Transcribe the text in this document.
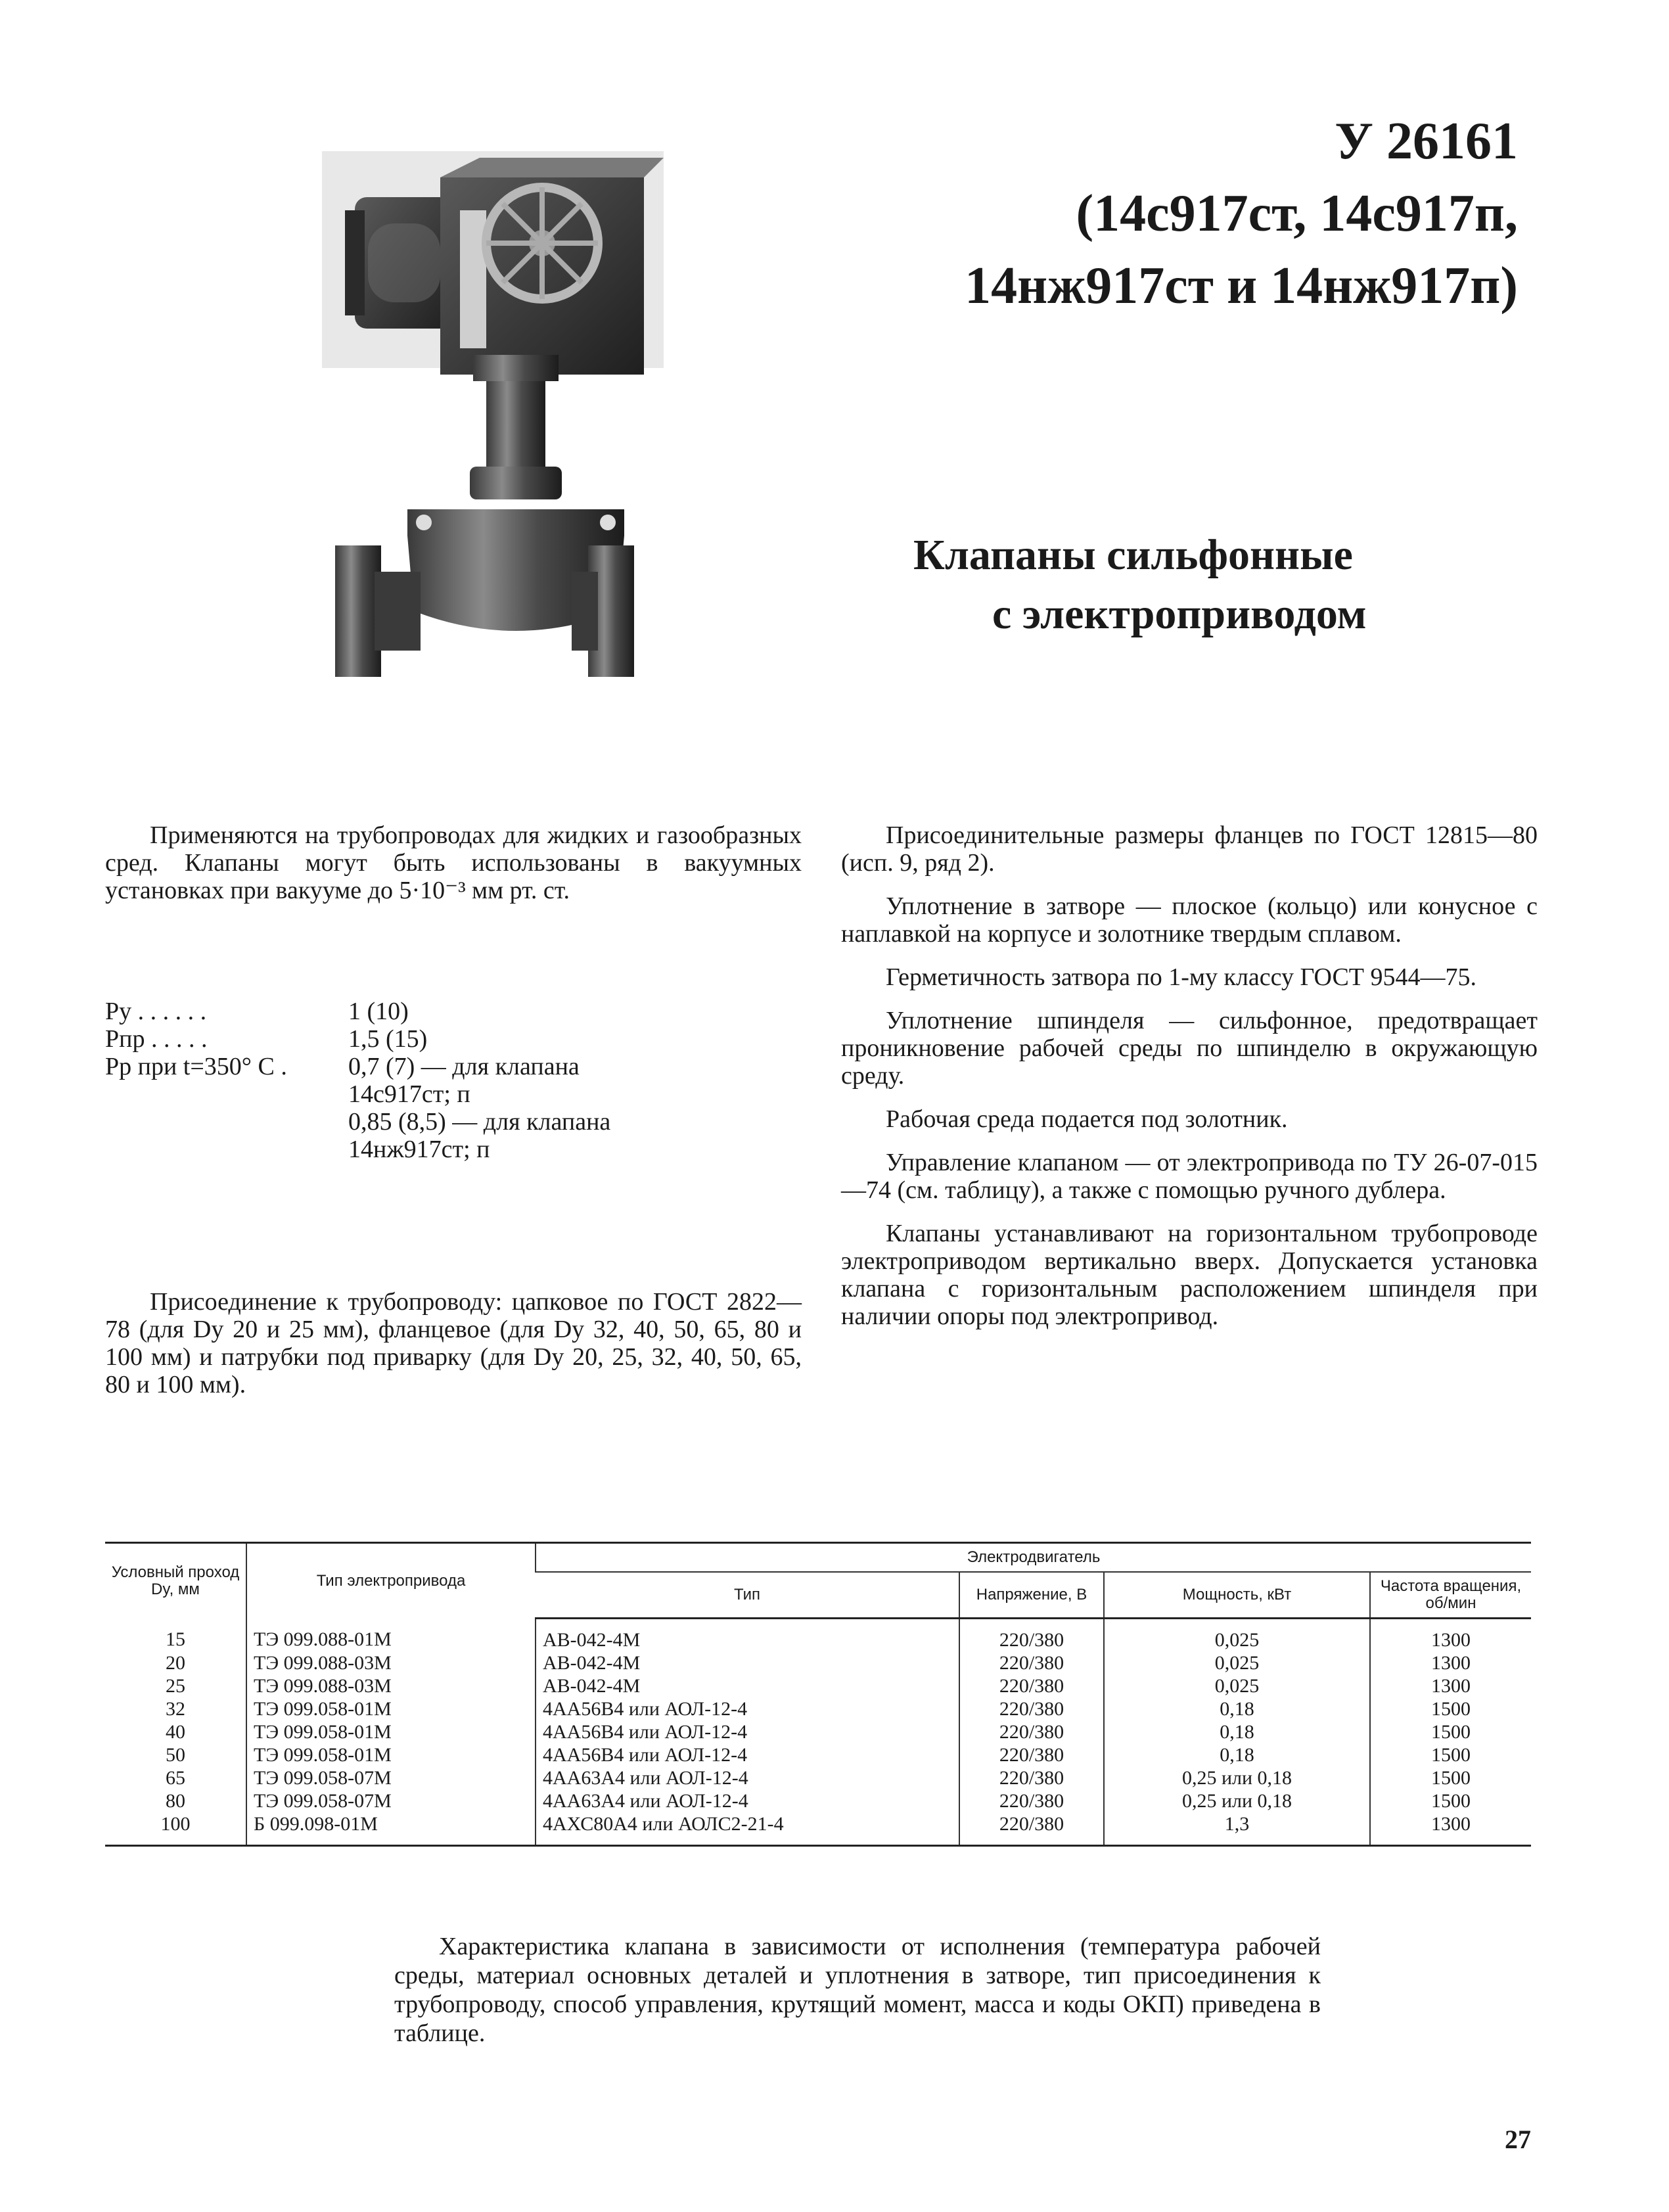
У 26161
(14с917ст, 14с917п,
14нж917ст и 14нж917п)
Клапаны сильфонные
с электроприводом

Применяются на трубопроводах для жидких и газообразных сред. Клапаны могут быть использованы в вакуумных установках при вакууме до 5·10⁻³ мм рт. ст.

Py . . . . . .	1 (10)
Pпр . . . . .	1,5 (15)
Pр при t=350° С .	0,7 (7) — для клапана
14с917ст; п
0,85 (8,5) — для клапана
14нж917ст; п

Присоединение к трубопроводу: цапковое по ГОСТ 2822—78 (для Dy 20 и 25 мм), фланцевое (для Dy 32, 40, 50, 65, 80 и 100 мм) и патрубки под приварку (для Dy 20, 25, 32, 40, 50, 65, 80 и 100 мм).

Присоединительные размеры фланцев по ГОСТ 12815—80 (исп. 9, ряд 2).

Уплотнение в затворе — плоское (кольцо) или конусное с наплавкой на корпусе и золотнике твердым сплавом.

Герметичность затвора по 1-му классу ГОСТ 9544—75.

Уплотнение шпинделя — сильфонное, предотвращает проникновение рабочей среды по шпинделю в окружающую среду.

Рабочая среда подается под золотник.

Управление клапаном — от электропривода по ТУ 26-07-015—74 (см. таблицу), а также с помощью ручного дублера.

Клапаны устанавливают на горизонтальном трубопроводе электроприводом вертикально вверх. Допускается установка клапана с горизонтальным расположением шпинделя при наличии опоры под электропривод.

Условный проход Dy, мм	Тип электропривода	Электродвигатель			
		Тип	Напряжение, В	Мощность, кВт	Частота вращения, об/мин
15	ТЭ 099.088-01М	АВ-042-4М	220/380	0,025	1300
20	ТЭ 099.088-03М	АВ-042-4М	220/380	0,025	1300
25	ТЭ 099.088-03М	АВ-042-4М	220/380	0,025	1300
32	ТЭ 099.058-01М	4АА56В4 или АОЛ-12-4	220/380	0,18	1500
40	ТЭ 099.058-01М	4АА56В4 или АОЛ-12-4	220/380	0,18	1500
50	ТЭ 099.058-01М	4АА56В4 или АОЛ-12-4	220/380	0,18	1500
65	ТЭ 099.058-07М	4АА63А4 или АОЛ-12-4	220/380	0,25 или 0,18	1500
80	ТЭ 099.058-07М	4АА63А4 или АОЛ-12-4	220/380	0,25 или 0,18	1500
100	Б 099.098-01М	4АХС80А4 или АОЛС2-21-4	220/380	1,3	1300
Характеристика клапана в зависимости от исполнения (температура рабочей среды, материал основных деталей и уплотнения в затворе, тип присоединения к трубопроводу, способ управления, крутящий момент, масса и коды ОКП) приведена в таблице.
27
